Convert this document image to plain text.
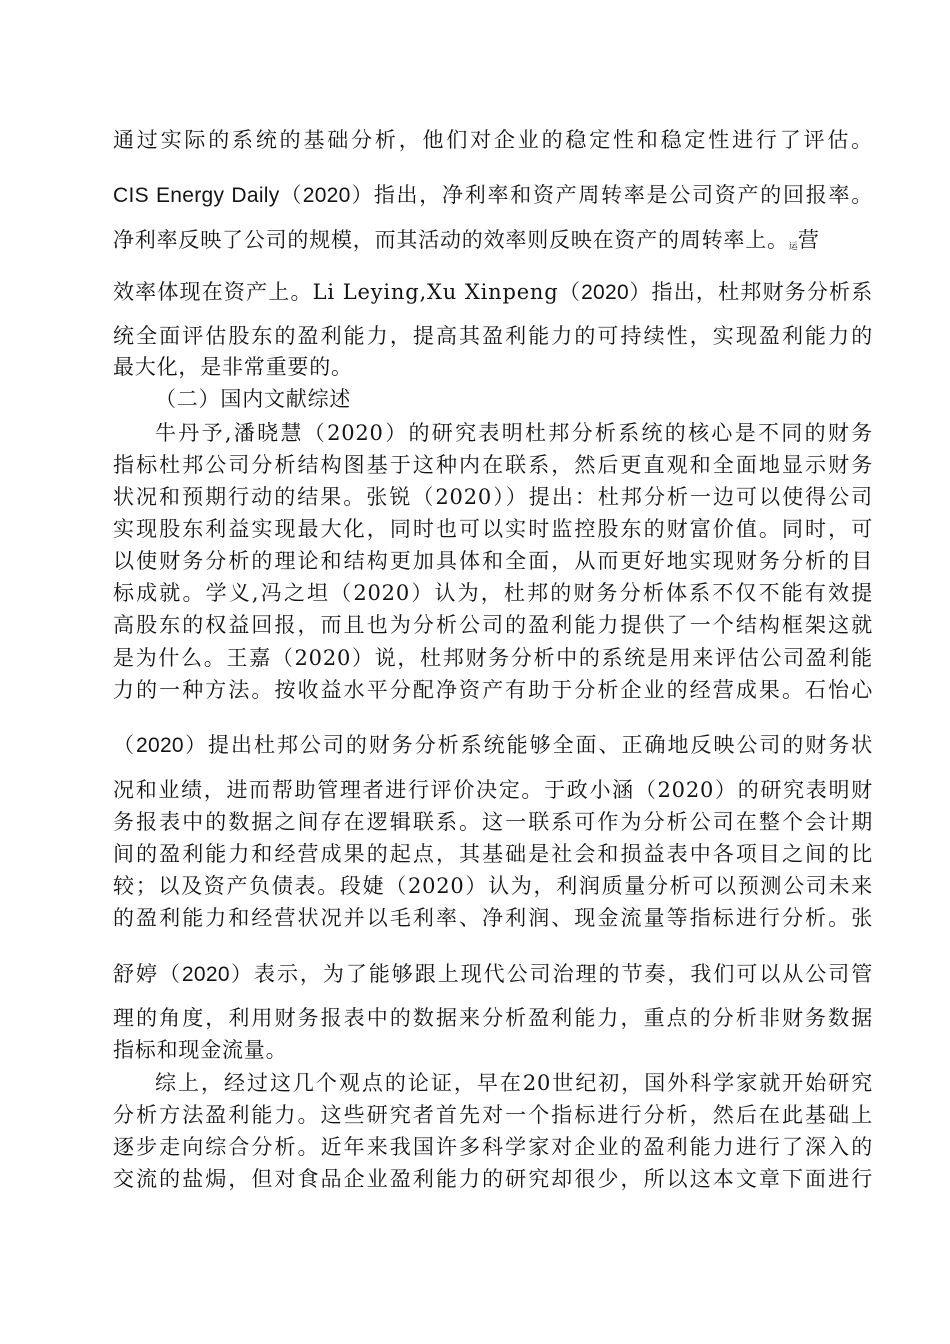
通过实际的系统的基础分析，他们对企业的稳定性和稳定性进行了评估。
CIS Energy Daily（2020）指出，净利率和资产周转率是公司资产的回报率。
净利率反映了公司的规模，而其活动的效率则反映在资产的周转率上。$_运$营
效率体现在资产上。Li Leying,Xu Xinpeng（2020）指出，杜邦财务分析系
统全面评估股东的盈利能力，提高其盈利能力的可持续性，实现盈利能力的
最大化，是非常重要的。
（二）国内文献综述
牛丹予,潘晓慧（2020）的研究表明杜邦分析系统的核心是不同的财务
指标杜邦公司分析结构图基于这种内在联系，然后更直观和全面地显示财务
状况和预期行动的结果。张锐（2020））提出：杜邦分析一边可以使得公司
实现股东利益实现最大化，同时也可以实时监控股东的财富价值。同时，可
以使财务分析的理论和结构更加具体和全面，从而更好地实现财务分析的目
标成就。学义,冯之坦（2020）认为，杜邦的财务分析体系不仅不能有效提
高股东的权益回报，而且也为分析公司的盈利能力提供了一个结构框架这就
是为什么。王嘉（2020）说，杜邦财务分析中的系统是用来评估公司盈利能
力的一种方法。按收益水平分配净资产有助于分析企业的经营成果。石怡心
（2020）提出杜邦公司的财务分析系统能够全面、正确地反映公司的财务状
况和业绩，进而帮助管理者进行评价决定。于政小涵（2020）的研究表明财
务报表中的数据之间存在逻辑联系。这一联系可作为分析公司在整个会计期
间的盈利能力和经营成果的起点，其基础是社会和损益表中各项目之间的比
较；以及资产负债表。段婕（2020）认为，利润质量分析可以预测公司未来
的盈利能力和经营状况并以毛利率、净利润、现金流量等指标进行分析。张
舒婷（2020）表示，为了能够跟上现代公司治理的节奏，我们可以从公司管
理的角度，利用财务报表中的数据来分析盈利能力，重点的分析非财务数据
指标和现金流量。
综上，经过这几个观点的论证，早在20世纪初，国外科学家就开始研究
分析方法盈利能力。这些研究者首先对一个指标进行分析，然后在此基础上
逐步走向综合分析。近年来我国许多科学家对企业的盈利能力进行了深入的
交流的盐焗，但对食品企业盈利能力的研究却很少，所以这本文章下面进行
